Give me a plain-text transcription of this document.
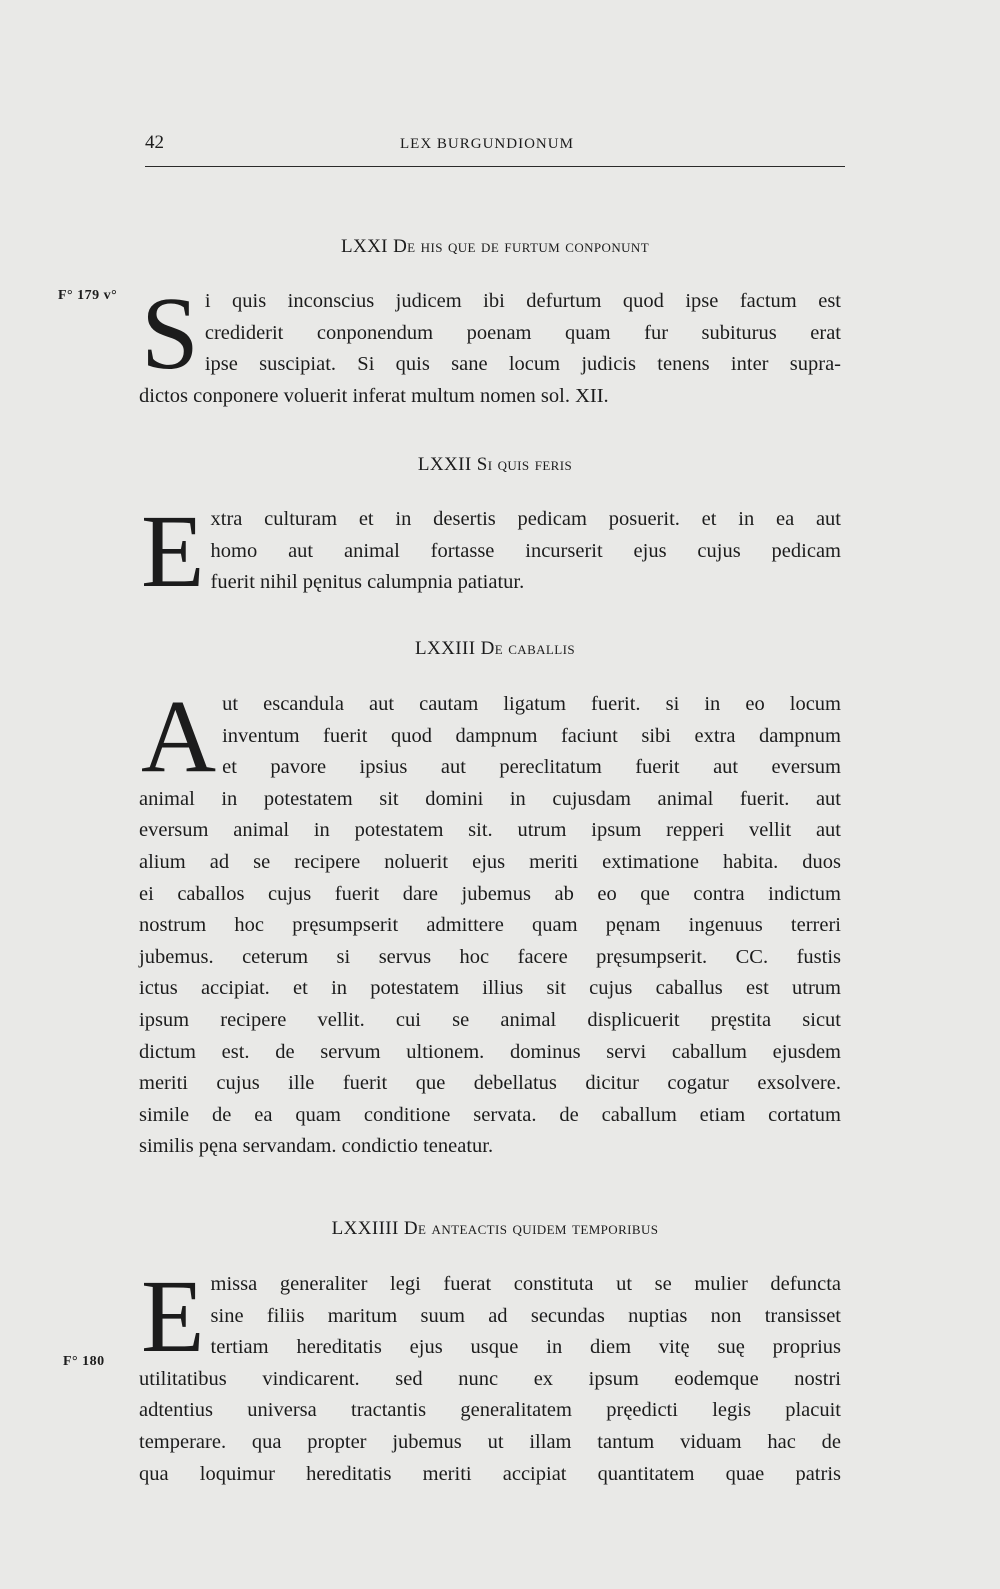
42	LEX BURGUNDIONUM
F° 179 v°
F° 180
LXXI De his que de furtum conponunt
S i quis inconscius judicem ibi defurtum quod ipse factum est
crediderit conponendum poenam quam fur subiturus erat
ipse suscipiat. Si quis sane locum judicis tenens inter supra-
dictos conponere voluerit inferat multum nomen sol. XII.
LXXII Si quis feris
E xtra culturam et in desertis pedicam posuerit. et in ea aut
homo aut animal fortasse incurserit ejus cujus pedicam
fuerit nihil pęnitus calumpnia patiatur.
LXXIII De caballis
A ut escandula aut cautam ligatum fuerit. si in eo locum
inventum fuerit quod dampnum faciunt sibi extra dampnum
et pavore ipsius aut pereclitatum fuerit aut eversum
animal in potestatem sit domini in cujusdam animal fuerit. aut
eversum animal in potestatem sit. utrum ipsum repperi vellit aut
alium ad se recipere noluerit ejus meriti extimatione habita. duos
ei caballos cujus fuerit dare jubemus ab eo que contra indictum
nostrum hoc pręsumpserit admittere quam pęnam ingenuus terreri
jubemus. ceterum si servus hoc facere pręsumpserit. CC. fustis
ictus accipiat. et in potestatem illius sit cujus caballus est utrum
ipsum recipere vellit. cui se animal displicuerit pręstita sicut
dictum est. de servum ultionem. dominus servi caballum ejusdem
meriti cujus ille fuerit que debellatus dicitur cogatur exsolvere.
simile de ea quam conditione servata. de caballum etiam cortatum
similis pęna servandam. condictio teneatur.
LXXIIII De anteactis quidem temporibus
E missa generaliter legi fuerat constituta ut se mulier defuncta
sine filiis maritum suum ad secundas nuptias non transisset
tertiam hereditatis ejus usque in diem vitę suę proprius
utilitatibus vindicarent. sed nunc ex ipsum eodemque nostri
adtentius universa tractantis generalitatem pręedicti legis placuit
temperare. qua propter jubemus ut illam tantum viduam hac de
qua loquimur hereditatis meriti accipiat quantitatem quae patris
